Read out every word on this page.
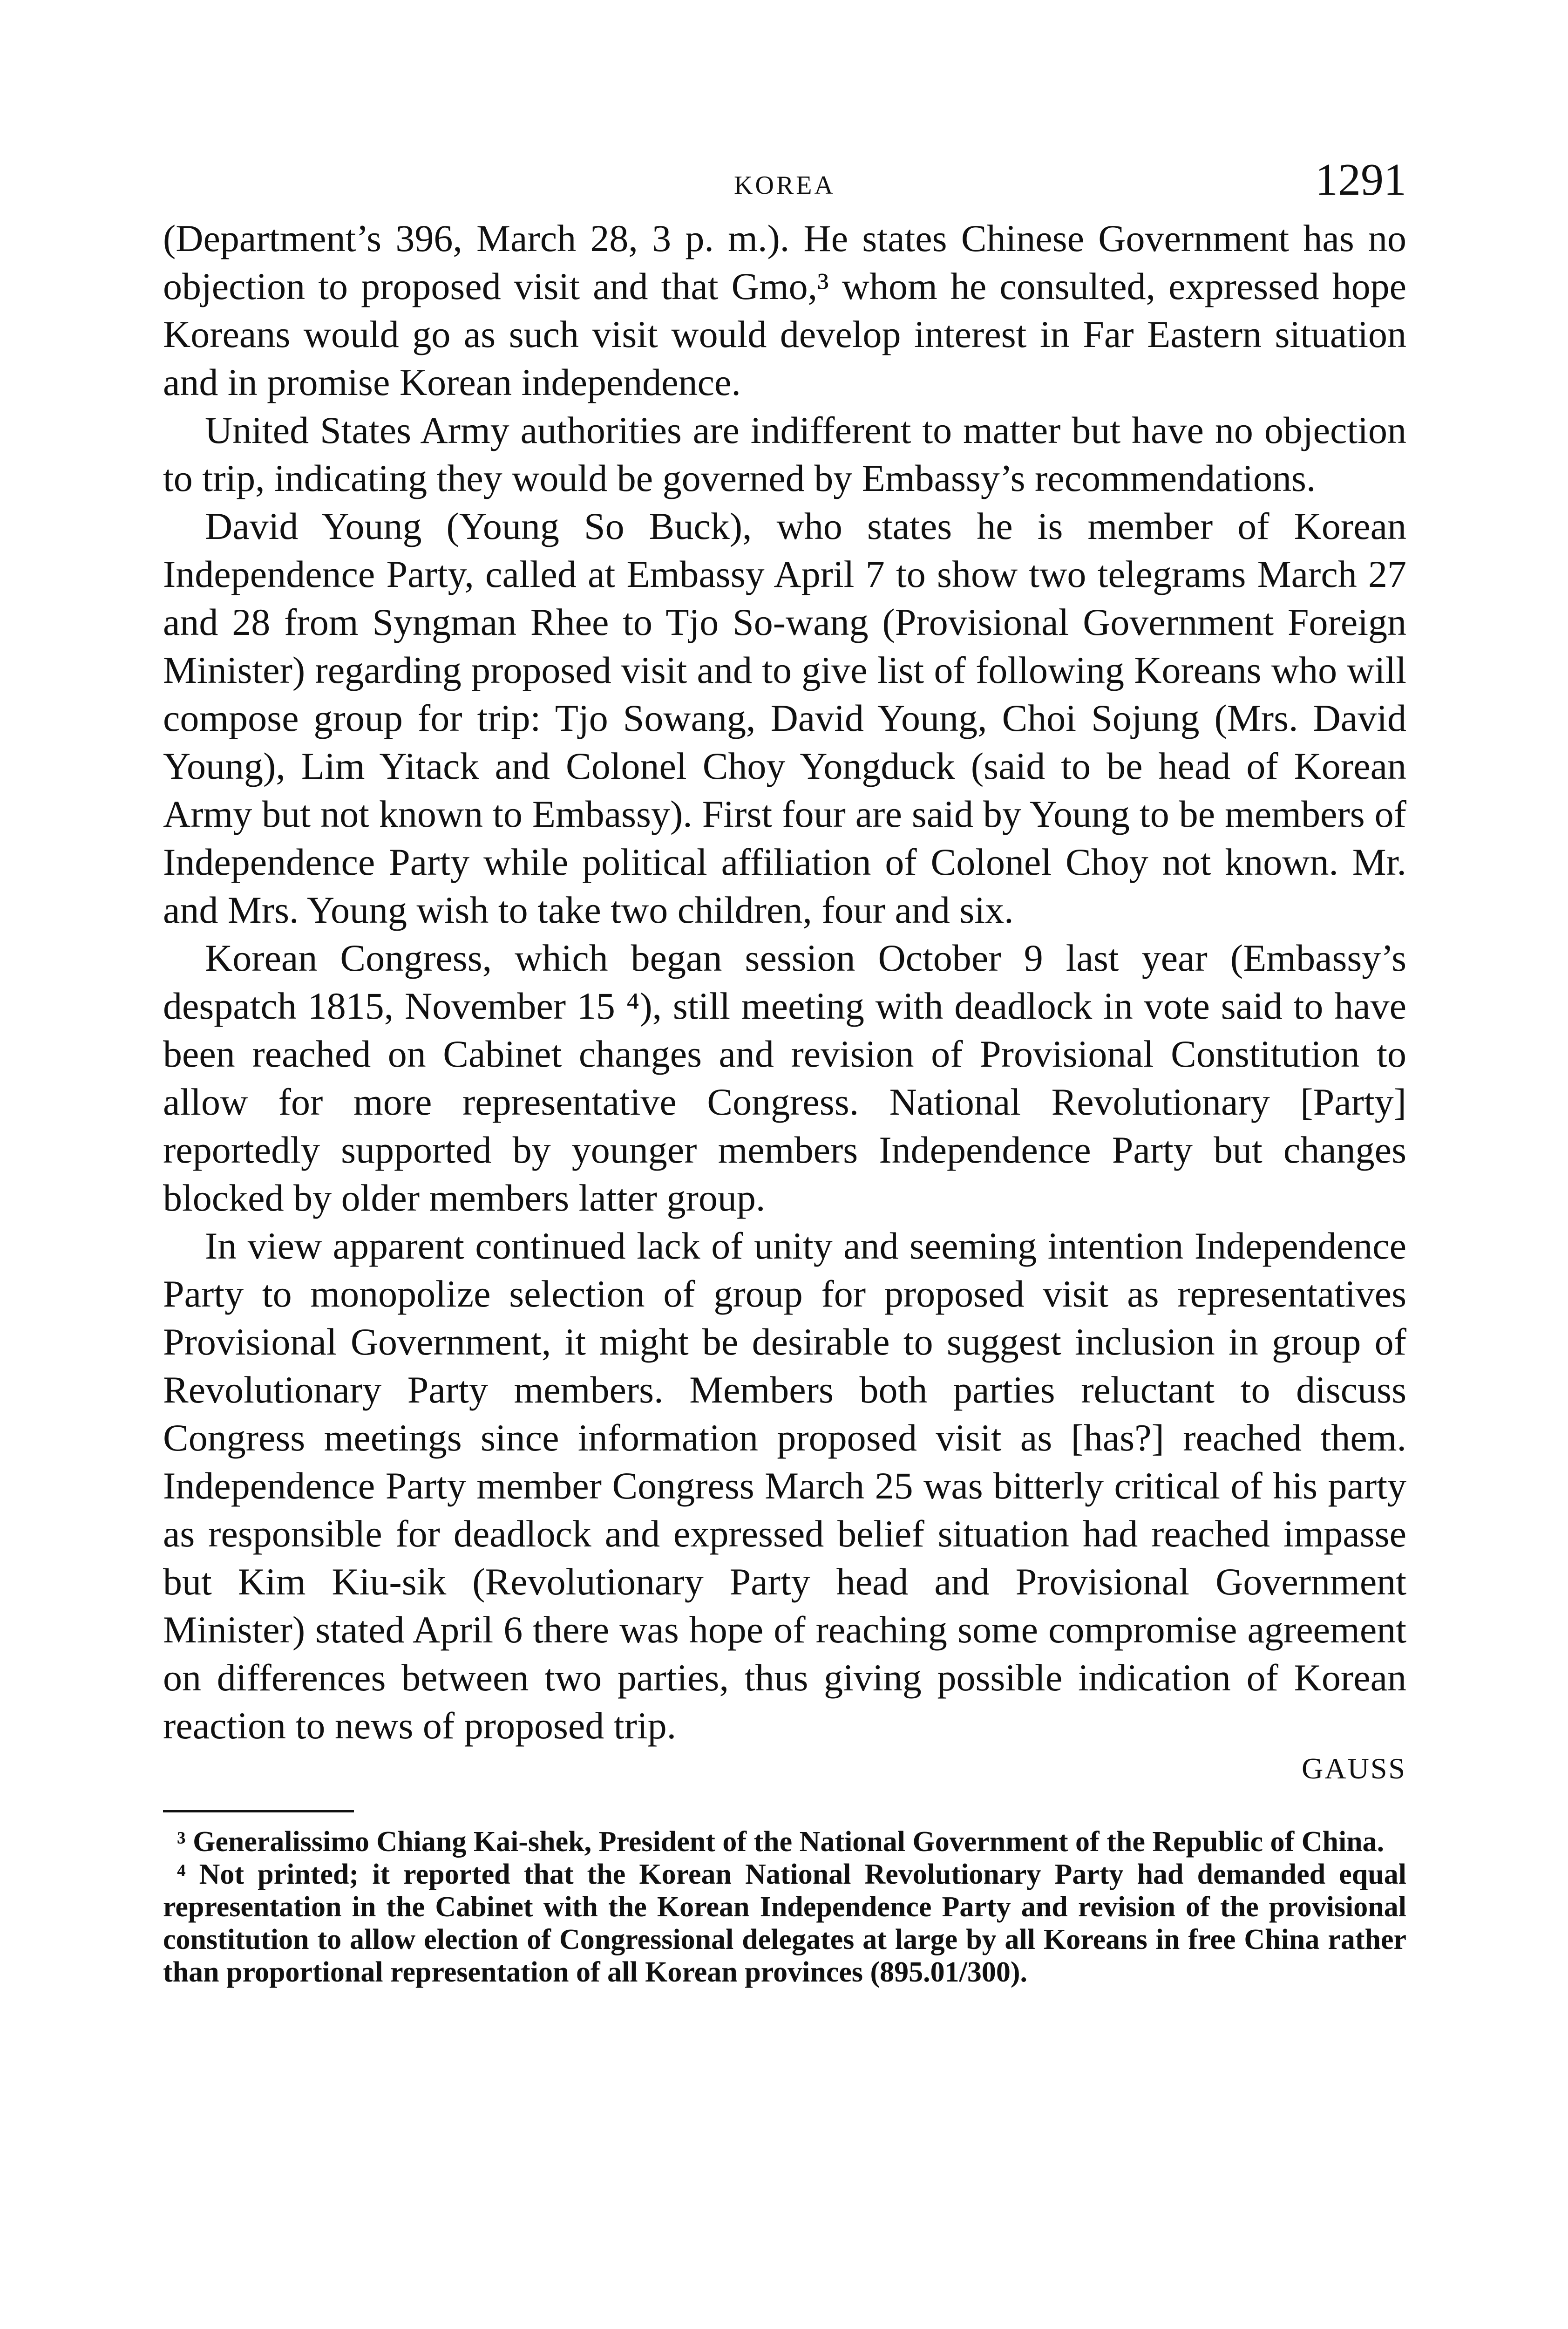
KOREA	1291

(Department’s 396, March 28, 3 p. m.). He states Chinese Government has no objection to proposed visit and that Gmo,³ whom he consulted, expressed hope Koreans would go as such visit would develop interest in Far Eastern situation and in promise Korean independence.

United States Army authorities are indifferent to matter but have no objection to trip, indicating they would be governed by Embassy’s recommendations.

David Young (Young So Buck), who states he is member of Korean Independence Party, called at Embassy April 7 to show two telegrams March 27 and 28 from Syngman Rhee to Tjo So-wang (Provisional Government Foreign Minister) regarding proposed visit and to give list of following Koreans who will compose group for trip: Tjo Sowang, David Young, Choi Sojung (Mrs. David Young), Lim Yitack and Colonel Choy Yongduck (said to be head of Korean Army but not known to Embassy). First four are said by Young to be members of Independence Party while political affiliation of Colonel Choy not known. Mr. and Mrs. Young wish to take two children, four and six.

Korean Congress, which began session October 9 last year (Embassy’s despatch 1815, November 15 ⁴), still meeting with deadlock in vote said to have been reached on Cabinet changes and revision of Provisional Constitution to allow for more representative Congress. National Revolutionary [Party] reportedly supported by younger members Independence Party but changes blocked by older members latter group.

In view apparent continued lack of unity and seeming intention Independence Party to monopolize selection of group for proposed visit as representatives Provisional Government, it might be desirable to suggest inclusion in group of Revolutionary Party members. Members both parties reluctant to discuss Congress meetings since information proposed visit as [has?] reached them. Independence Party member Congress March 25 was bitterly critical of his party as responsible for deadlock and expressed belief situation had reached impasse but Kim Kiu-sik (Revolutionary Party head and Provisional Government Minister) stated April 6 there was hope of reaching some compromise agreement on differences between two parties, thus giving possible indication of Korean reaction to news of proposed trip.

GAUSS

³ Generalissimo Chiang Kai-shek, President of the National Government of the Republic of China.

⁴ Not printed; it reported that the Korean National Revolutionary Party had demanded equal representation in the Cabinet with the Korean Independence Party and revision of the provisional constitution to allow election of Congressional delegates at large by all Koreans in free China rather than proportional representation of all Korean provinces (895.01/300).
